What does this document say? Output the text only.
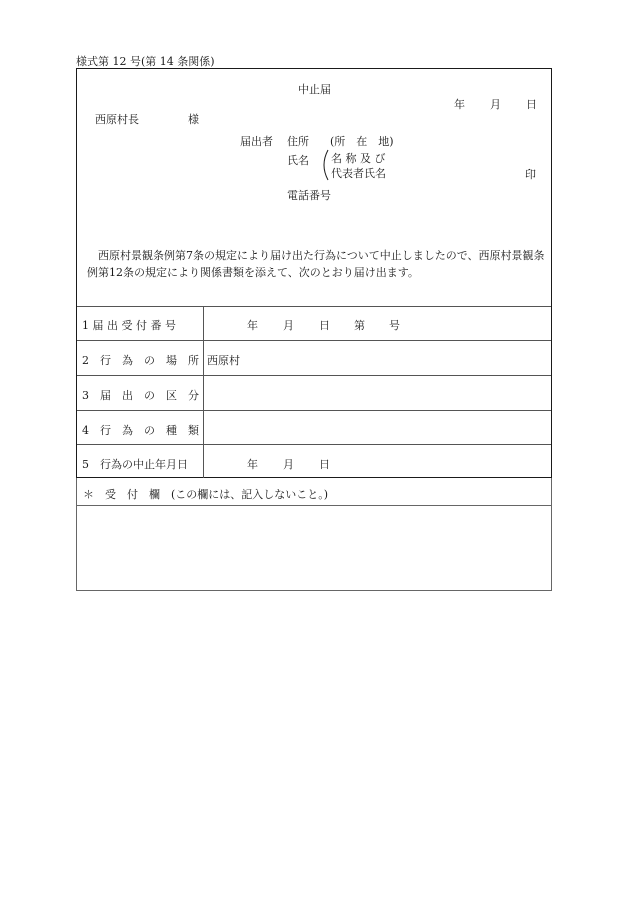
様式第 12 号(第 14 条関係)
中止届
年 月 日
西原村長	様
届出者 住所 (所　在　地)
氏名 名 称 及 び
代表者氏名	印
電話番号
西原村景観条例第7条の規定により届け出た行為について中止しましたので、西原村景観条例第12条の規定により関係書類を添えて、次のとおり届け出ます。
1 届 出 受 付 番 号	年 月 日 第 号
2　行　為　の　場　所 西原村
3　届　出　の　区　分
4　行　為　の　種　類
5　行為の中止年月日	年 月 日
＊　受　付　欄　(この欄には、記入しないこと。)
